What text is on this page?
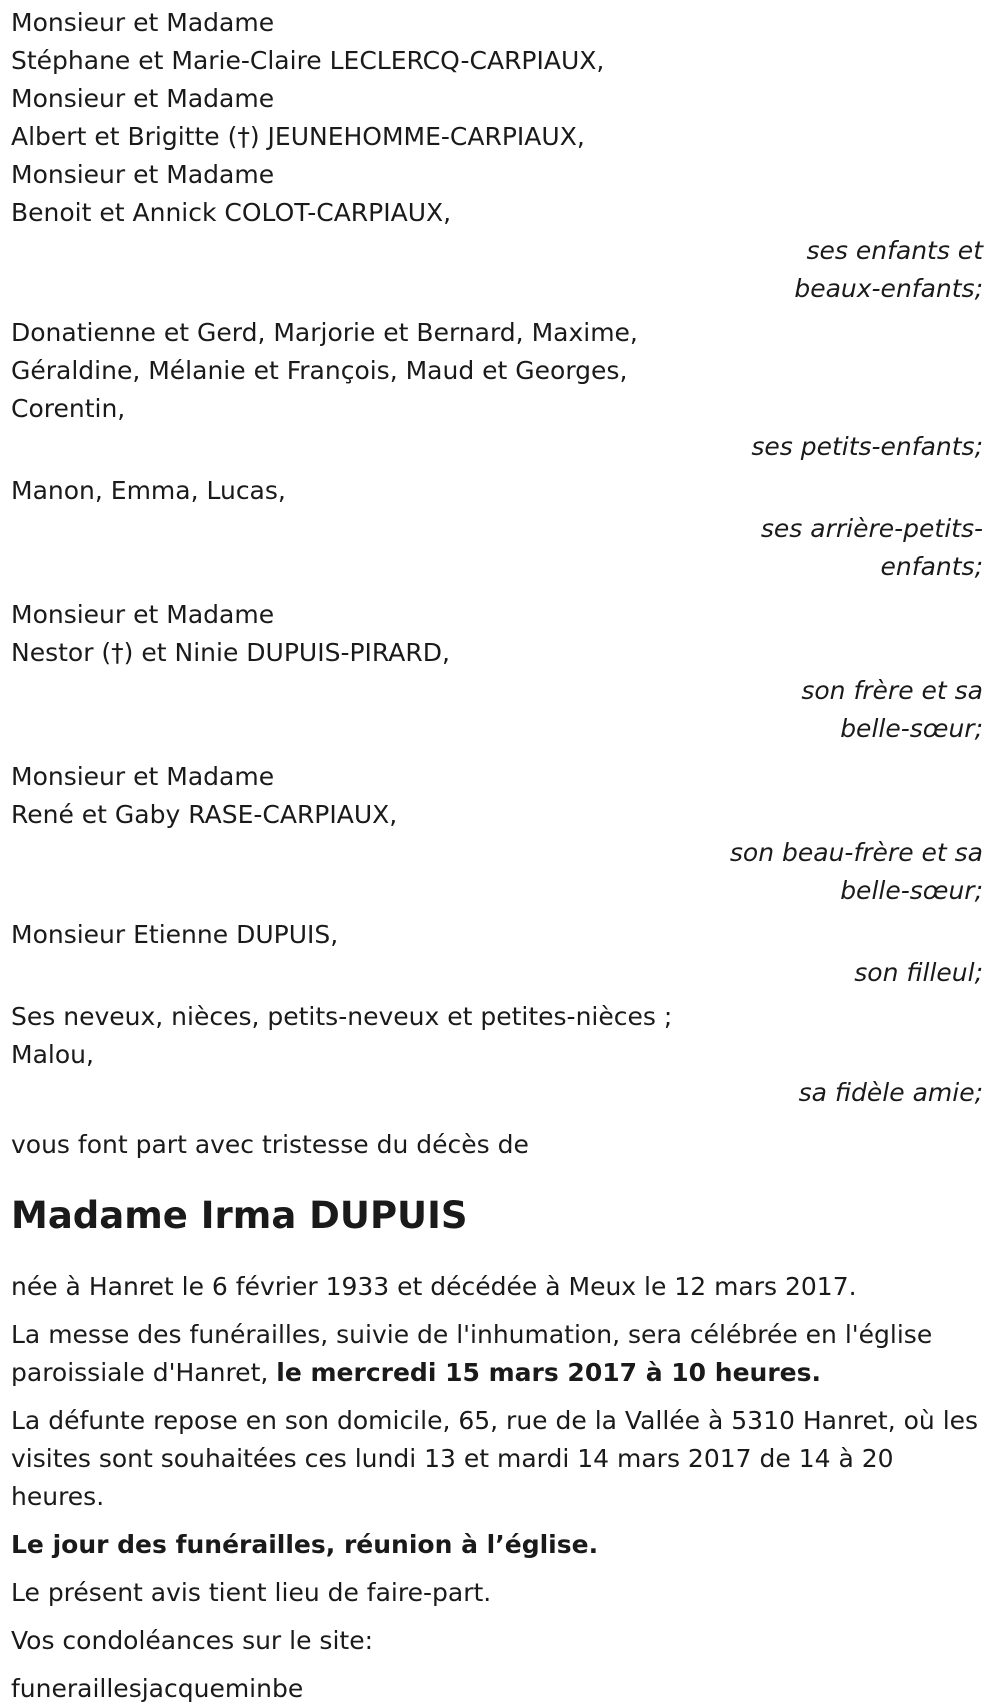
Monsieur et Madame
Stéphane et Marie-Claire LECLERCQ-CARPIAUX,
Monsieur et Madame
Albert et Brigitte (†) JEUNEHOMME-CARPIAUX,
Monsieur et Madame
Benoit et Annick COLOT-CARPIAUX,
ses enfants et
beaux-enfants;
Donatienne et Gerd, Marjorie et Bernard, Maxime,
Géraldine, Mélanie et François, Maud et Georges,
Corentin,
ses petits-enfants;
Manon, Emma, Lucas,
ses arrière-petits-
enfants;
Monsieur et Madame
Nestor (†) et Ninie DUPUIS-PIRARD,
son frère et sa
belle-sœur;
Monsieur et Madame
René et Gaby RASE-CARPIAUX,
son beau-frère et sa
belle-sœur;
Monsieur Etienne DUPUIS,
son filleul;
Ses neveux, nièces, petits-neveux et petites-nièces ;
Malou,
sa fidèle amie;
vous font part avec tristesse du décès de
Madame Irma DUPUIS
née à Hanret le 6 février 1933 et décédée à Meux le 12 mars 2017.
La messe des funérailles, suivie de l'inhumation, sera célébrée en l'église paroissiale d'Hanret, le mercredi 15 mars 2017 à 10 heures.
La défunte repose en son domicile, 65, rue de la Vallée à 5310 Hanret, où les visites sont souhaitées ces lundi 13 et mardi 14 mars 2017 de 14 à 20 heures.
Le jour des funérailles, réunion à l’église.
Le présent avis tient lieu de faire-part.
Vos condoléances sur le site:
funeraillesjacqueminbe
